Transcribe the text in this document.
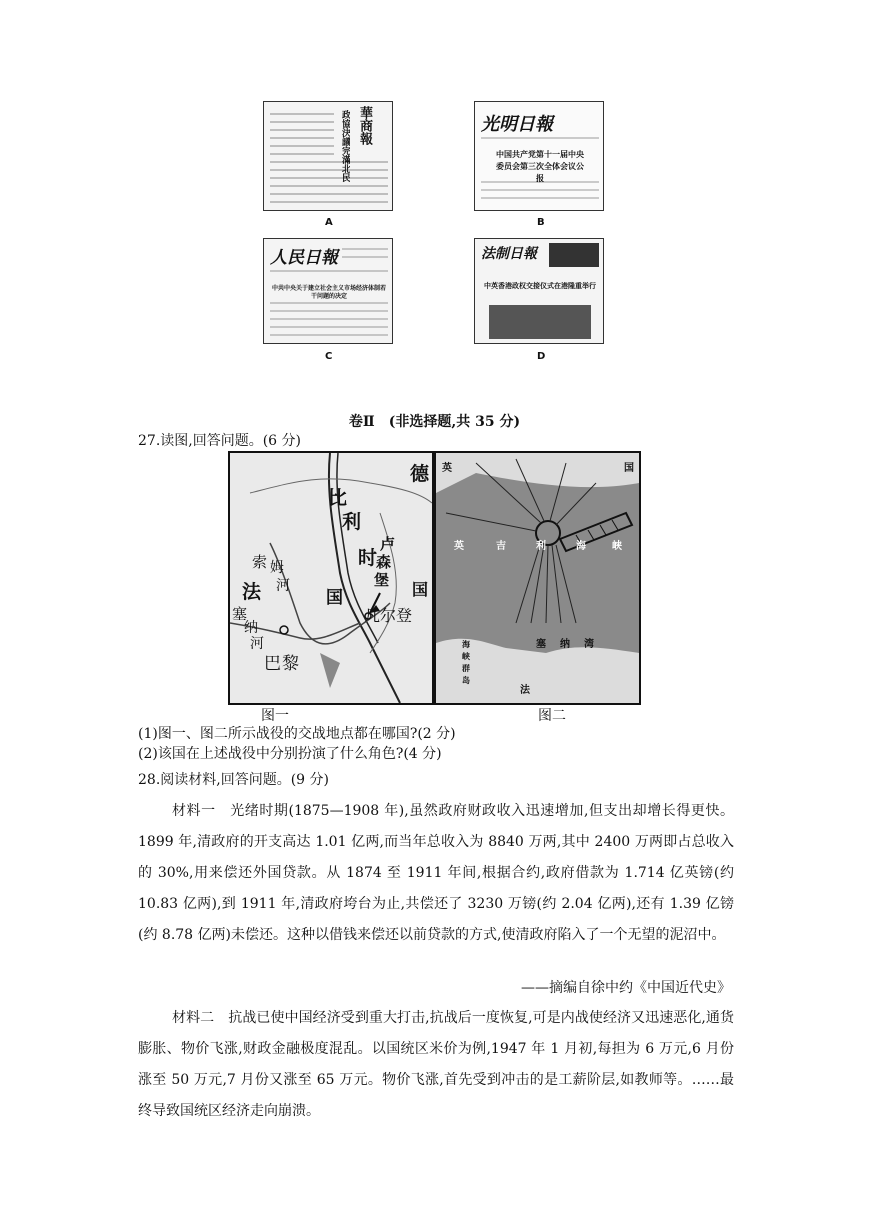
華商報
政協決議完滿北民
A
光明日報
中国共产党第十一届中央委员会第三次全体会议公报
B
人民日報
中共中央关于建立社会主义市场经济体制若干问题的决定
C
法制日報
中英香港政权交接仪式在港隆重举行
D
卷Ⅱ　(非选择题,共 35 分)
27.读图,回答问题。(6 分)
比
德
利
时
卢
森
堡 国
法	国
索 姆
河
塞
纳
河
凡尔登
巴 黎
英	国
英	吉	利	海	峡
塞 纳 湾
海
峡
群
岛
法
图一	图二
(1)图一、图二所示战役的交战地点都在哪国?(2 分)
(2)该国在上述战役中分别扮演了什么角色?(4 分)
28.阅读材料,回答问题。(9 分)
材料一　光绪时期(1875—1908 年),虽然政府财政收入迅速增加,但支出却增长得更快。1899 年,清政府的开支高达 1.01 亿两,而当年总收入为 8840 万两,其中 2400 万两即占总收入的 30%,用来偿还外国贷款。从 1874 至 1911 年间,根据合约,政府借款为 1.714 亿英镑(约 10.83 亿两),到 1911 年,清政府垮台为止,共偿还了 3230 万镑(约 2.04 亿两),还有 1.39 亿镑(约 8.78 亿两)未偿还。这种以借钱来偿还以前贷款的方式,使清政府陷入了一个无望的泥沼中。
——摘编自徐中约《中国近代史》
材料二　抗战已使中国经济受到重大打击,抗战后一度恢复,可是内战使经济又迅速恶化,通货膨胀、物价飞涨,财政金融极度混乱。以国统区米价为例,1947 年 1 月初,每担为 6 万元,6 月份涨至 50 万元,7 月份又涨至 65 万元。物价飞涨,首先受到冲击的是工薪阶层,如教师等。……最终导致国统区经济走向崩溃。
